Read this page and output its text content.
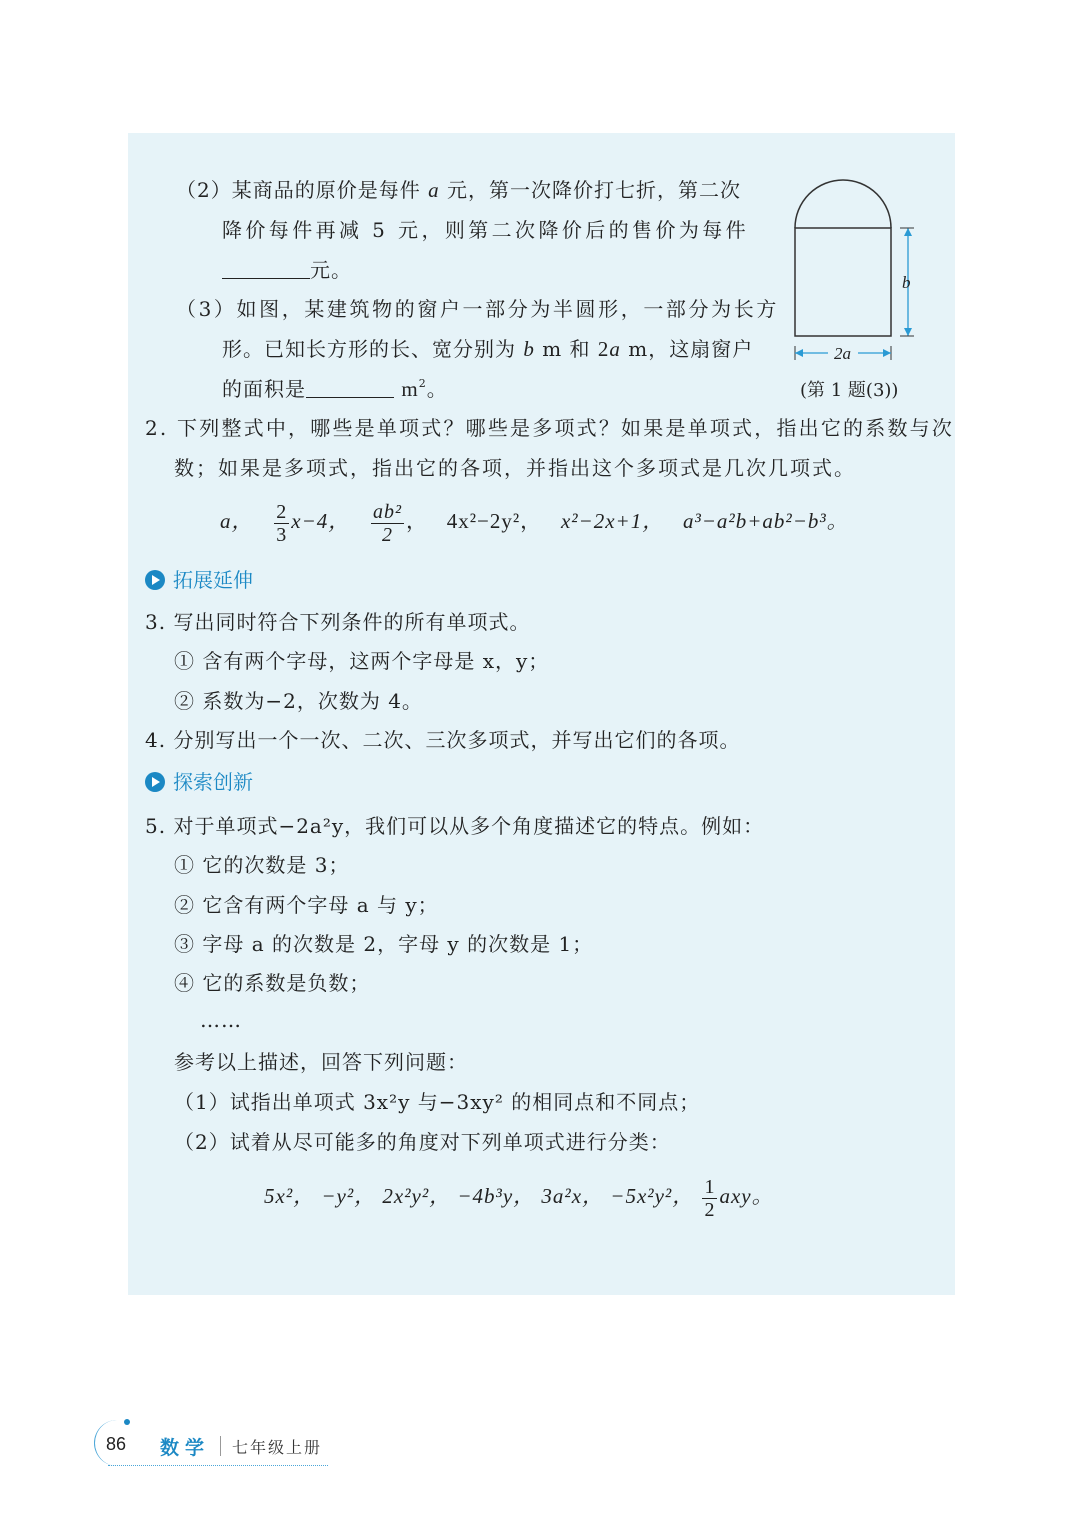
（2）某商品的原价是每件 a 元，第一次降价打七折，第二次
降价每件再减 5 元，则第二次降价后的售价为每件
元。
（3）如图，某建筑物的窗户一部分为半圆形，一部分为长方
形。已知长方形的长、宽分别为 b m 和 2a m，这扇窗户
的面积是	$m^2$。
b
2a
(第 1 题(3))
2. 下列整式中，哪些是单项式？哪些是多项式？如果是单项式，指出它的系数与次
数；如果是多项式，指出它的各项，并指出这个多项式是几次几项式。
a， $\frac{2}{3} x-4$， $\frac{\text{ab²}}{2}$ ， 4x²−2y²， x²−2x+1， a³−a²b+ab²−b³。
拓展延伸
3. 写出同时符合下列条件的所有单项式。
① 含有两个字母，这两个字母是 x，y；
② 系数为−2，次数为 4。
4. 分别写出一个一次、二次、三次多项式，并写出它们的各项。
探索创新
5. 对于单项式−2a²y，我们可以从多个角度描述它的特点。例如：
① 它的次数是 3；
② 它含有两个字母 a 与 y；
③ 字母 a 的次数是 2，字母 y 的次数是 1；
④ 它的系数是负数；
……
参考以上描述，回答下列问题：
（1）试指出单项式 3x²y 与−3xy² 的相同点和不同点；
（2）试着从尽可能多的角度对下列单项式进行分类：
5x²， −y²， 2x²y²， −4b³y， 3a²x， −5x²y²， $\frac{1}{2}$ axy。
86 数学 七年级上册
